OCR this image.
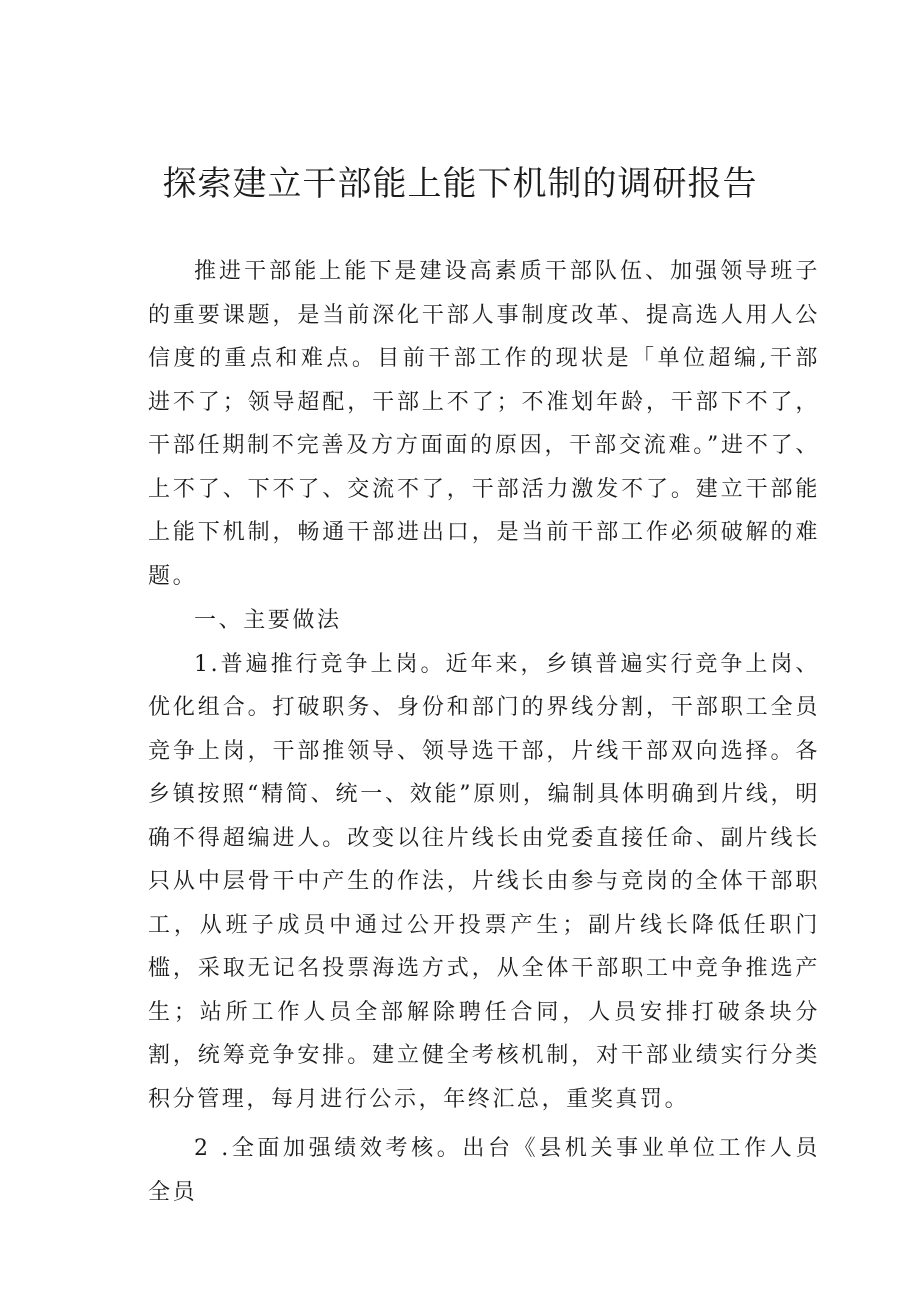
探索建立干部能上能下机制的调研报告

推进干部能上能下是建设高素质干部队伍、加强领导班子的重要课题，是当前深化干部人事制度改革、提高选人用人公信度的重点和难点。目前干部工作的现状是「单位超编,干部进不了；领导超配，干部上不了；不准划年龄，干部下不了，干部任期制不完善及方方面面的原因，干部交流难。”进不了、上不了、下不了、交流不了，干部活力激发不了。建立干部能上能下机制，畅通干部进出口，是当前干部工作必须破解的难题。

一、主要做法

1.普遍推行竞争上岗。近年来，乡镇普遍实行竞争上岗、优化组合。打破职务、身份和部门的界线分割，干部职工全员竞争上岗，干部推领导、领导选干部，片线干部双向选择。各乡镇按照“精简、统一、效能”原则，编制具体明确到片线，明确不得超编进人。改变以往片线长由党委直接任命、副片线长只从中层骨干中产生的作法，片线长由参与竞岗的全体干部职工，从班子成员中通过公开投票产生；副片线长降低任职门槛，采取无记名投票海选方式，从全体干部职工中竞争推选产生；站所工作人员全部解除聘任合同，人员安排打破条块分割，统筹竞争安排。建立健全考核机制，对干部业绩实行分类积分管理，每月进行公示，年终汇总，重奖真罚。

2 .全面加强绩效考核。出台《县机关事业单位工作人员全员
